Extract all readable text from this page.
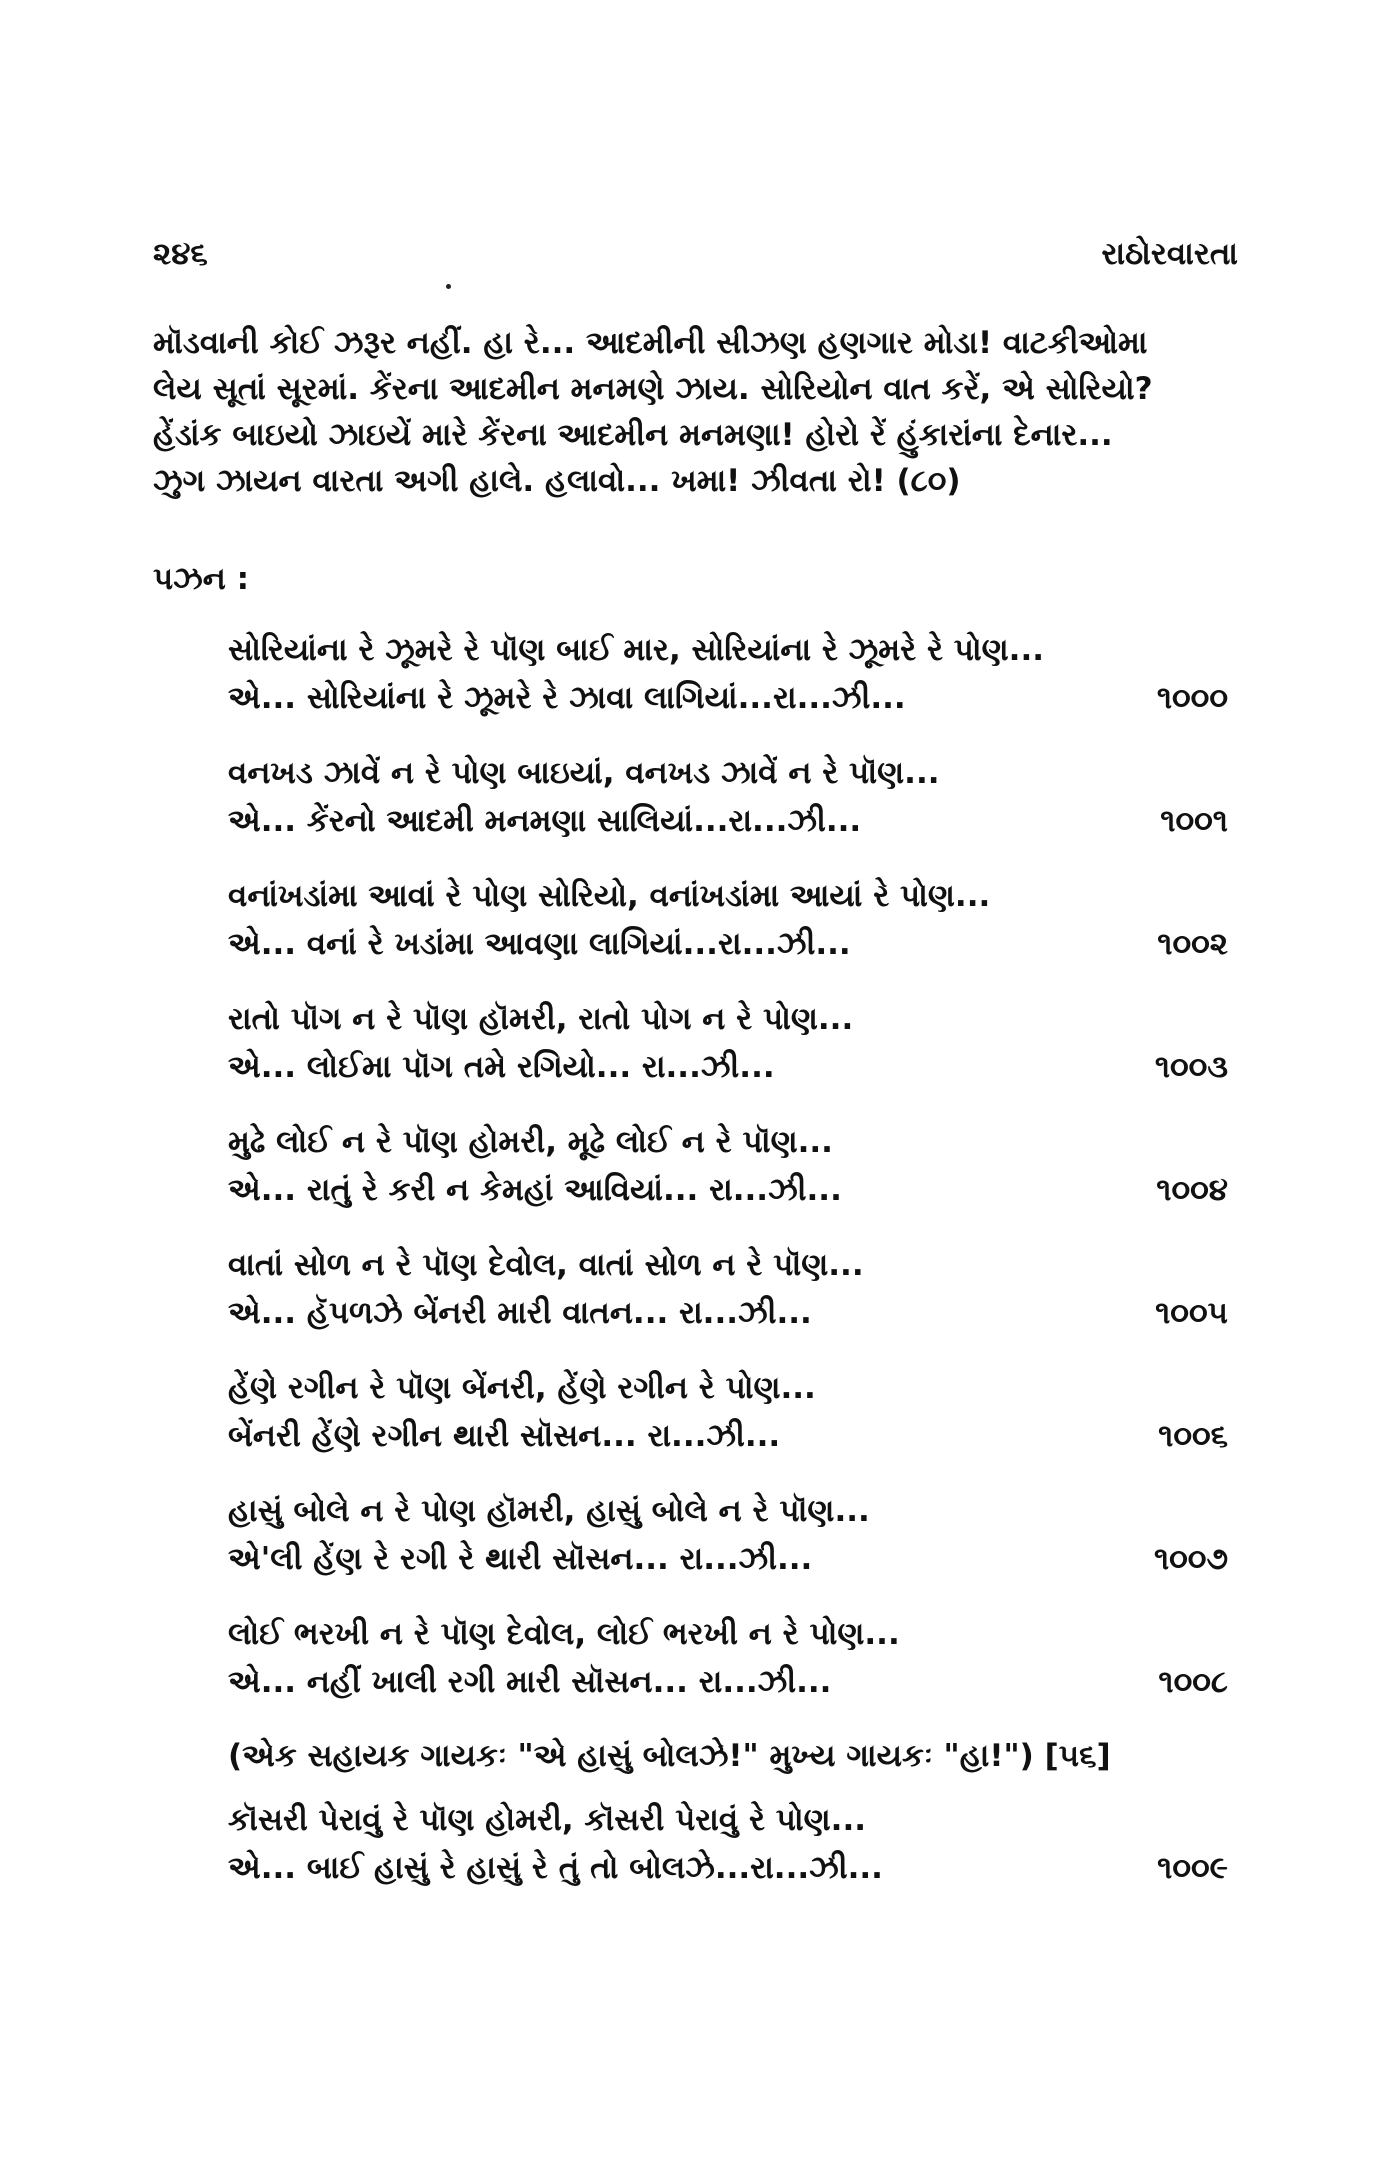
૨૪૬	રાઠોરવારતા
મૉડવાની કોઈ ઝરૂર નહીં. હા રે... આદમીની સીઝણ હણગાર મોડા! વાટકીઓમા
લેય સૂતાં સૂરમાં. કેંરના આદમીન મનમણે ઝાય. સોરિયોન વાત કરેં, એ સોરિયો?
હેંડાંક બાઇયો ઝાઇયેં મારે કેંરના આદમીન મનમણા! હોરો રેં હુંકારાંના દેનાર...
ઝુગ ઝાયન વારતા અગી હાલે. હલાવો... ખમા! ઝીવતા રો! (૮૦)
પઝન :
સોરિયાંના રે ઝૂમરે રે પૉણ બાઈ માર, સોરિયાંના રે ઝૂમરે રે પોણ...
એ... સોરિયાંના રે ઝૂમરે રે ઝાવા લાગિયાં...રા...ઝી...	૧૦૦૦
વનખડ ઝાવેં ન રે પોણ બાઇયાં, વનખડ ઝાવેં ન રે પૉણ...
એ... કેંરનો આદમી મનમણા સાલિયાં...રા...ઝી...	૧૦૦૧
વનાંખડાંમા આવાં રે પોણ સોરિયો, વનાંખડાંમા આયાં રે પોણ...
એ... વનાં રે ખડાંમા આવણા લાગિયાં...રા...ઝી...	૧૦૦૨
રાતો પૉગ ન રે પૉણ હૉમરી, રાતો પોગ ન રે પોણ...
એ... લોઈમા પૉગ તમે રગિયો... રા...ઝી...	૧૦૦૩
મુઢે લોઈ ન રે પૉણ હોમરી, મૂઢે લોઈ ન રે પૉણ...
એ... રાતું રે કરી ન કેમહાં આવિયાં... રા...ઝી...	૧૦૦૪
વાતાં સોળ ન રે પૉણ દેવોલ, વાતાં સોળ ન રે પૉણ...
એ... હૅપળઝે બેંનરી મારી વાતન... રા...ઝી...	૧૦૦૫
હેંણે રગીન રે પૉણ બેંનરી, હેંણે રગીન રે પોણ...
બેંનરી હેંણે રગીન થારી સૉસન... રા...ઝી...	૧૦૦૬
હાસું બોલે ન રે પોણ હૉમરી, હાસું બોલે ન રે પૉણ...
એ'લી હેંણ રે રગી રે થારી સૉસન... રા...ઝી...	૧૦૦૭
લોઈ ભરખી ન રે પૉણ દેવોલ, લોઈ ભરખી ન રે પોણ...
એ... નહીં ખાલી રગી મારી સૉસન... રા...ઝી...	૧૦૦૮
(એક સહાયક ગાયકઃ "એ હાસું બોલઝે!" મુખ્ય ગાયકઃ "હા!") [૫૬]
કૉસરી પેરાવું રે પૉણ હોમરી, કૉસરી પેરાવું રે પોણ...
એ... બાઈ હાસું રે હાસું રે તું તો બોલઝે...રા...ઝી...	૧૦૦૯
